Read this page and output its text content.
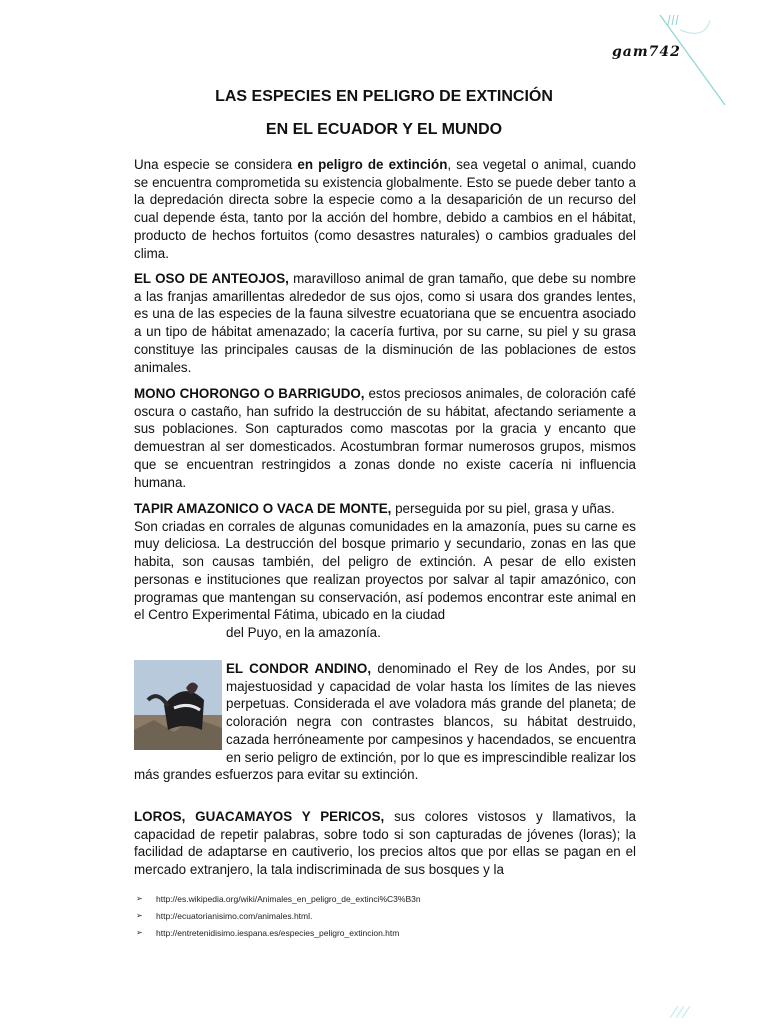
gam742
LAS ESPECIES EN PELIGRO DE EXTINCIÓN
EN EL ECUADOR Y EL MUNDO
Una especie se considera en peligro de extinción, sea vegetal o animal, cuando se encuentra comprometida su existencia globalmente. Esto se puede deber tanto a la depredación directa sobre la especie como a la desaparición de un recurso del cual depende ésta, tanto por la acción del hombre, debido a cambios en el hábitat, producto de hechos fortuitos (como desastres naturales) o cambios graduales del clima.
EL OSO DE ANTEOJOS, maravilloso animal de gran tamaño, que debe su nombre a las franjas amarillentas alrededor de sus ojos, como si usara dos grandes lentes, es una de las especies de la fauna silvestre ecuatoriana que se encuentra asociado a un tipo de hábitat amenazado; la cacería furtiva, por su carne, su piel y su grasa constituye las principales causas de la disminución de las poblaciones de estos animales.
MONO CHORONGO O BARRIGUDO, estos preciosos animales, de coloración café oscura o castaño, han sufrido la destrucción de su hábitat, afectando seriamente a sus poblaciones. Son capturados como mascotas por la gracia y encanto que demuestran al ser domesticados. Acostumbran formar numerosos grupos, mismos que se encuentran restringidos a zonas donde no existe cacería ni influencia humana.
TAPIR AMAZONICO O VACA DE MONTE, perseguida por su piel, grasa y uñas.
Son criadas en corrales de algunas comunidades en la amazonía, pues su carne es muy deliciosa. La destrucción del bosque primario y secundario, zonas en las que habita, son causas también, del peligro de extinción. A pesar de ello existen personas e instituciones que realizan proyectos por salvar al tapir amazónico, con programas que mantengan su conservación, así podemos encontrar este animal en el Centro Experimental Fátima, ubicado en la ciudad
del Puyo, en la amazonía.
EL CONDOR ANDINO, denominado el Rey de los Andes, por su majestuosidad y capacidad de volar hasta los límites de las nieves perpetuas. Considerada el ave voladora más grande del planeta; de coloración negra con contrastes blancos, su hábitat destruido, cazada herróneamente por campesinos y hacendados, se encuentra en serio peligro de extinción, por lo que es imprescindible realizar los más grandes esfuerzos para evitar su extinción.
LOROS, GUACAMAYOS Y PERICOS, sus colores vistosos y llamativos, la capacidad de repetir palabras, sobre todo si son capturadas de jóvenes (loras); la facilidad de adaptarse en cautiverio, los precios altos que por ellas se pagan en el mercado extranjero, la tala indiscriminada de sus bosques y la
➢	http://es.wikipedia.org/wiki/Animales_en_peligro_de_extinci%C3%B3n
➢	http://ecuatorianisimo.com/animales.html.
➢	http://entretenidisimo.iespana.es/especies_peligro_extincion.htm
